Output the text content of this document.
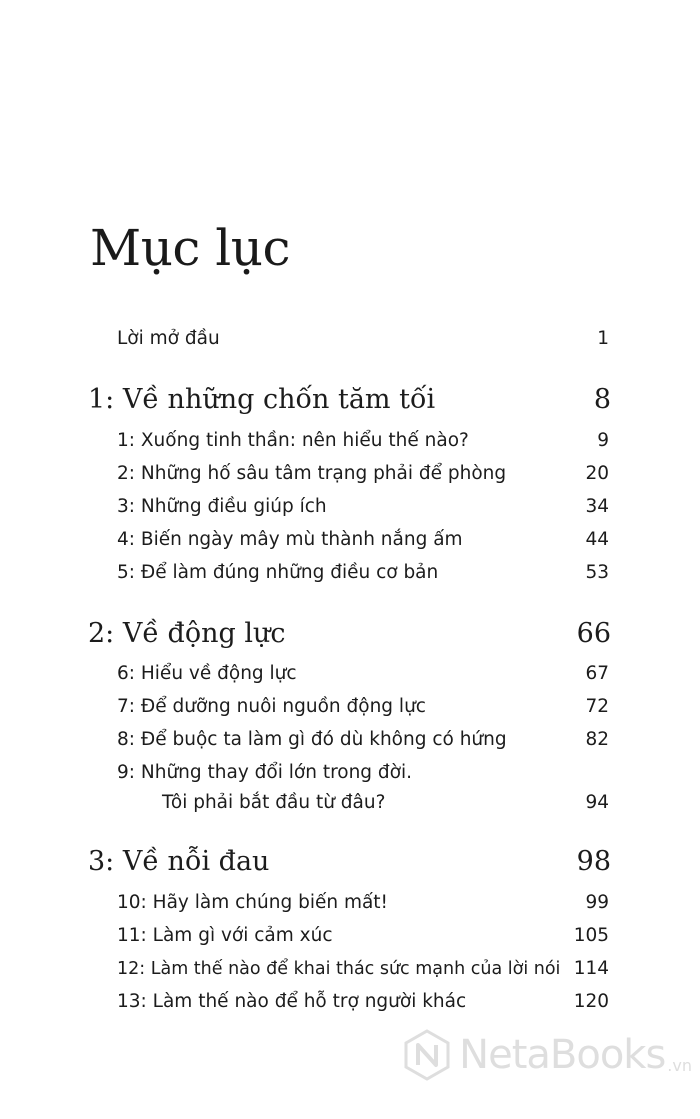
Mục lục
Lời mở đầu	1
1: Về những chốn tăm tối	8
1: Xuống tinh thần: nên hiểu thế nào?	9
2: Những hố sâu tâm trạng phải để phòng	20
3: Những điều giúp ích	34
4: Biến ngày mây mù thành nắng ấm	44
5: Để làm đúng những điều cơ bản	53
2: Về động lực	66
6: Hiểu về động lực	67
7: Để dưỡng nuôi nguồn động lực	72
8: Để buộc ta làm gì đó dù không có hứng	82
9: Những thay đổi lớn trong đời.
Tôi phải bắt đầu từ đâu?	94
3: Về nỗi đau	98
10: Hãy làm chúng biến mất!	99
11: Làm gì với cảm xúc	105
12: Làm thế nào để khai thác sức mạnh của lời nói 114
13: Làm thế nào để hỗ trợ người khác	120
NetaBooks .vn
